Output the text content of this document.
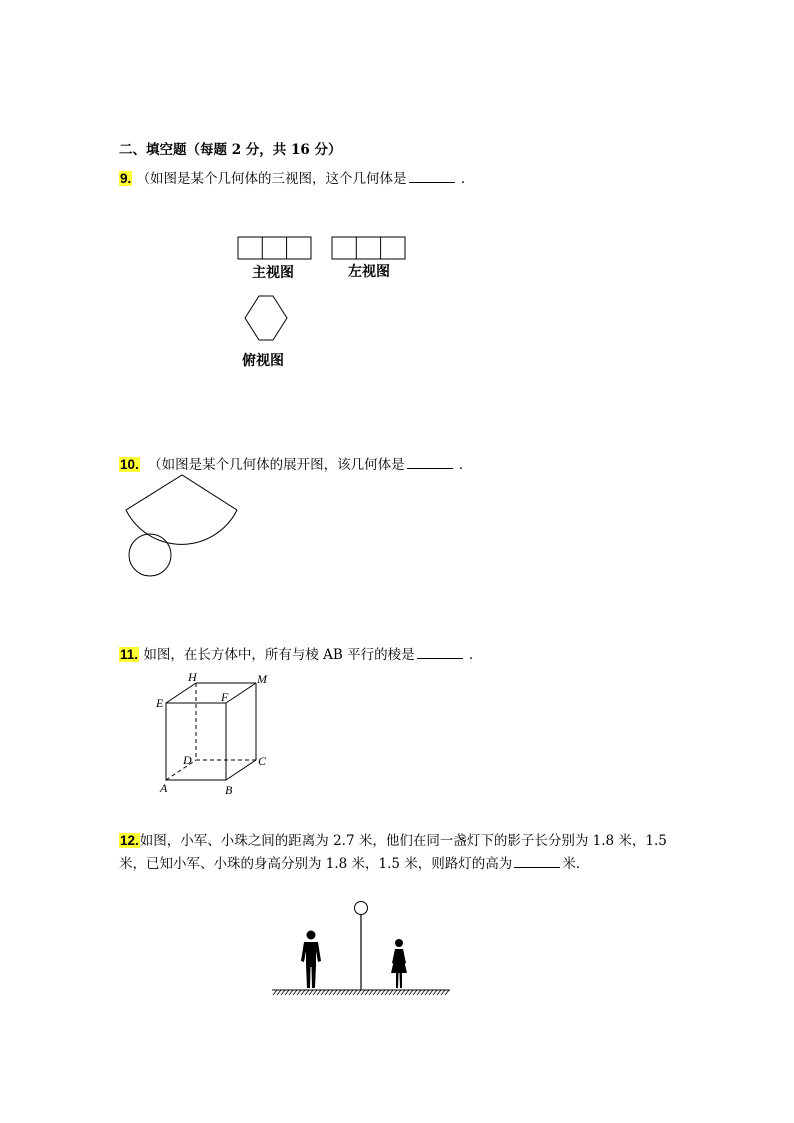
二、填空题（每题 2 分，共 16 分）
9. （如图是某个几何体的三视图，这个几何体是	．
主视图	左视图
俯视图
10. （如图是某个几何体的展开图，该几何体是	．
11. 如图，在长方体中，所有与棱 AB 平行的棱是	．
H	M
E	F
D	C
A	B
12.如图，小军、小珠之间的距离为 2.7 米，他们在同一盏灯下的影子长分别为 1.8 米，1.5
米，已知小军、小珠的身高分别为 1.8 米，1.5 米，则路灯的高为	米.
